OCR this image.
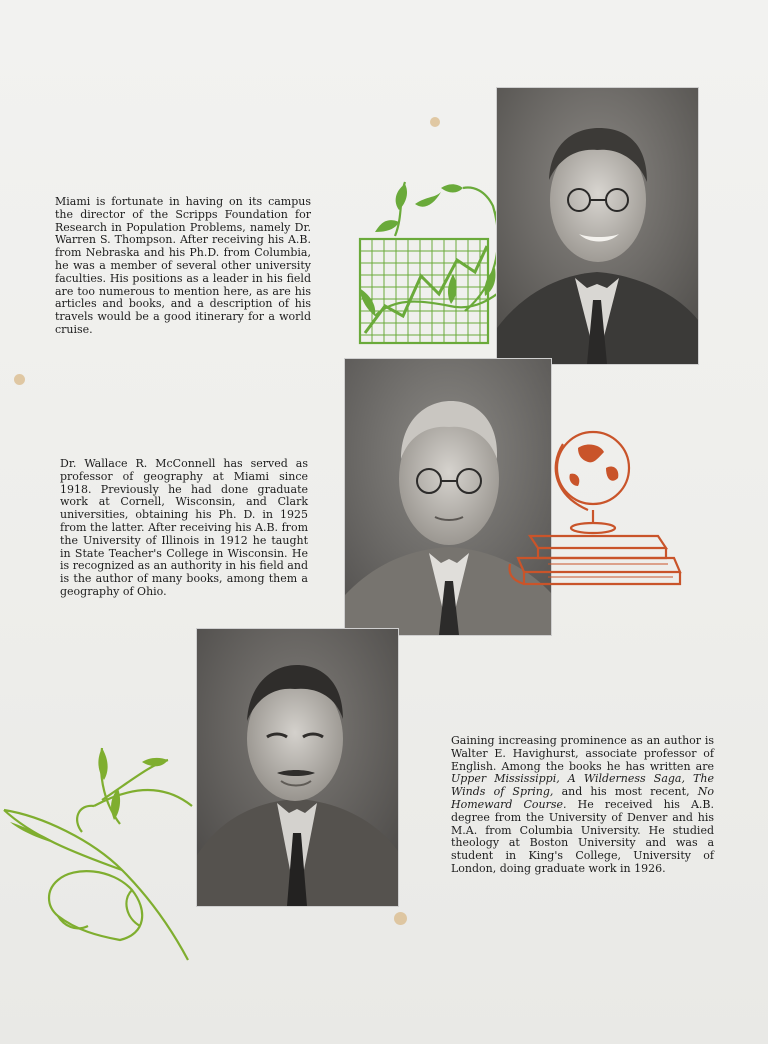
Miami is fortunate in having on its campus the director of the Scripps Foundation for Research in Population Problems, namely Dr. Warren S. Thompson. After receiving his A.B. from Nebraska and his Ph.D. from Columbia, he was a member of several other university faculties. His positions as a leader in his field are too numerous to mention here, as are his articles and books, and a description of his travels would be a good itinerary for a world cruise.

Dr. Wallace R. McConnell has served as professor of geography at Miami since 1918. Previously he had done graduate work at Cornell, Wisconsin, and Clark universities, obtaining his Ph. D. in 1925 from the latter. After receiving his A.B. from the University of Illinois in 1912 he taught in State Teacher's College in Wisconsin. He is recognized as an authority in his field and is the author of many books, among them a geography of Ohio.

Gaining increasing prominence as an author is Walter E. Havighurst, associate professor of English. Among the books he has written are Upper Mississippi, A Wilderness Saga, The Winds of Spring, and his most recent, No Homeward Course. He received his A.B. degree from the University of Denver and his M.A. from Columbia University. He studied theology at Boston University and was a student in King's College, University of London, doing graduate work in 1926.
